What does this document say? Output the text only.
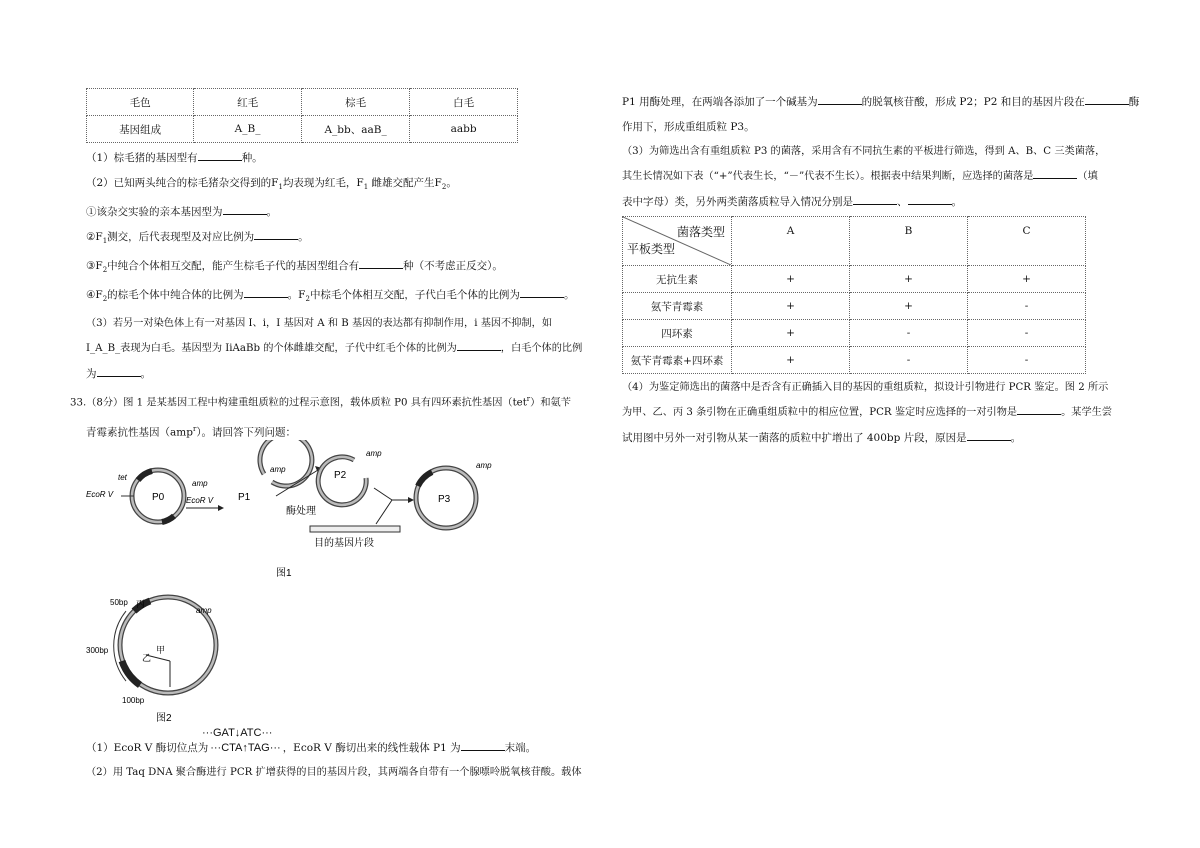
毛色	红毛	棕毛	白毛
基因组成	A_B_	A_bb、aaB_	aabb

（1）棕毛猪的基因型有	种。

（2）已知两头纯合的棕毛猪杂交得到的$F_1$均表现为红毛，$F_1$ 雌雄交配产生$F_2$。

①该杂交实验的亲本基因型为	。

$②F_1$测交，后代表现型及对应比例为	。

$③F_2$中纯合个体相互交配，能产生棕毛子代的基因型组合有	种（不考虑正反交）。

$④F_2$的棕毛个体中纯合体的比例为	。$F_2$中棕毛个体相互交配，子代白毛个体的比例为	。

（3）若另一对染色体上有一对基因 I、i，I 基因对 A 和 B 基因的表达都有抑制作用，i 基因不抑制，如

I_A_B_表现为白毛。基因型为 IiAaBb 的个体雌雄交配，子代中红毛个体的比例为	，白毛个体的比例

为	。

33.（8分）图 1 是某基因工程中构建重组质粒的过程示意图，载体质粒 P0 具有四环素抗性基因（tet$^r$）和氨苄

青霉素抗性基因（amp$^r$）。请回答下列问题：

P0
tet
EcoR V
amp
EcoR V P1
amp
酶处理
P2
amp
目的基因片段
P3
amp
图1
50bp 丙
300bp
乙
甲
100bp
amp
图2
···GAT↓ATC···

（1）EcoR V 酶切位点为 ···CTA↑TAG··· ，EcoR V 酶切出来的线性载体 P1 为	末端。

（2）用 Taq DNA 聚合酶进行 PCR 扩增获得的目的基因片段，其两端各自带有一个腺嘌呤脱氧核苷酸。载体

P1 用酶处理，在两端各添加了一个碱基为	的脱氧核苷酸，形成 P2；P2 和目的基因片段在	酶

作用下，形成重组质粒 P3。

（3）为筛选出含有重组质粒 P3 的菌落，采用含有不同抗生素的平板进行筛选，得到 A、B、C 三类菌落，

其生长情况如下表（“+”代表生长，“－”代表不生长）。根据表中结果判断，应选择的菌落是	（填

表中字母）类，另外两类菌落质粒导入情况分别是	、	。

菌落类型
平板类型	A	B	C
无抗生素	+	+	+
氨苄青霉素	+	+	-
四环素	+	-	-
氨苄青霉素+四环素	+	-	-

（4）为鉴定筛选出的菌落中是否含有正确插入目的基因的重组质粒，拟设计引物进行 PCR 鉴定。图 2 所示

为甲、乙、丙 3 条引物在正确重组质粒中的相应位置，PCR 鉴定时应选择的一对引物是	。某学生尝

试用图中另外一对引物从某一菌落的质粒中扩增出了 400bp 片段，原因是	。
